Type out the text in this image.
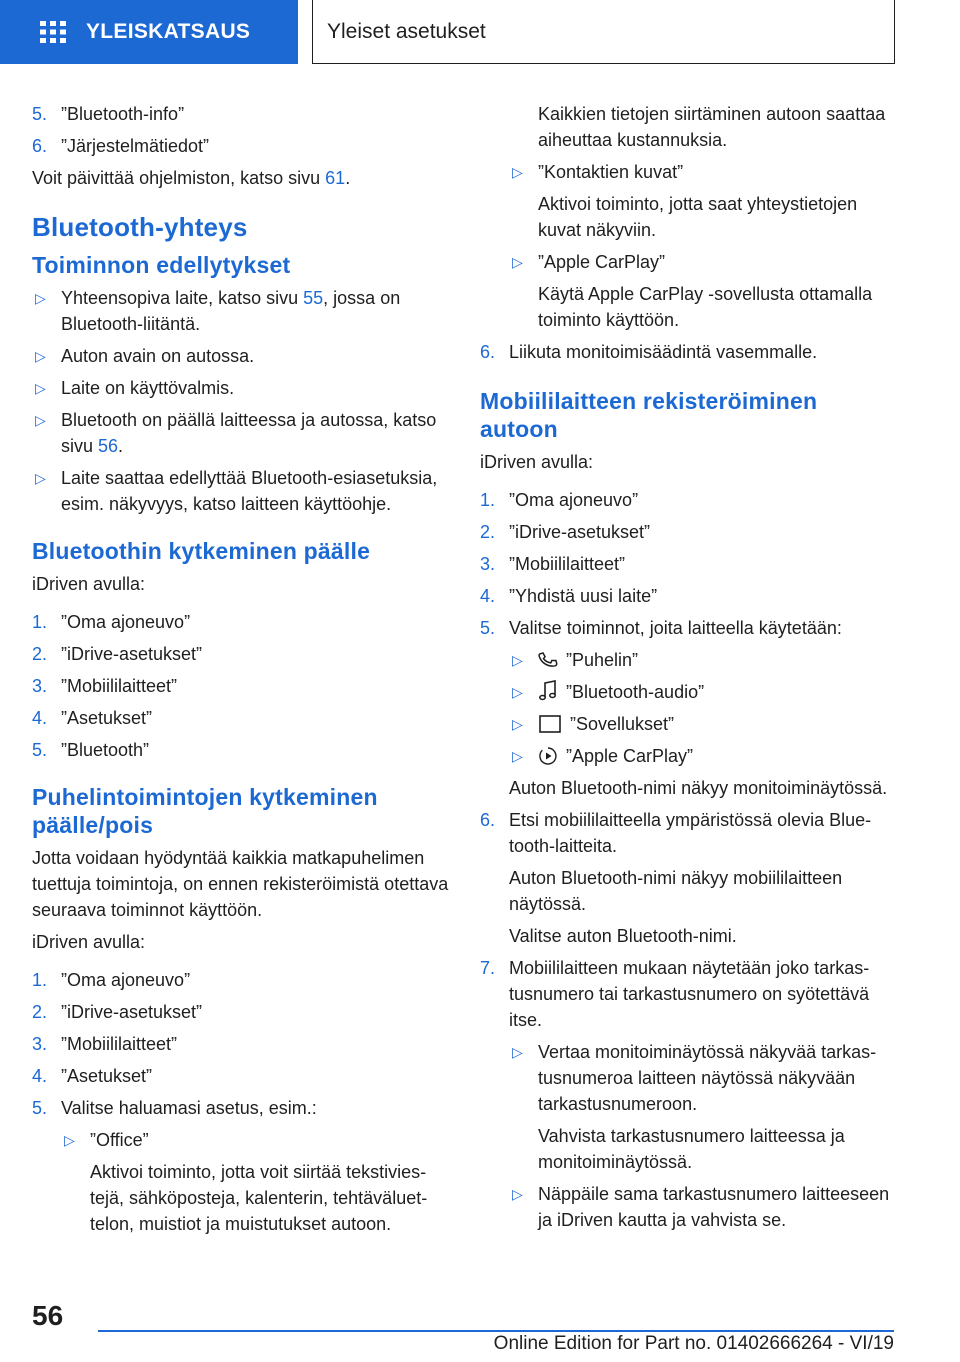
YLEISKATSAUS	Yleiset asetukset
5. ”Bluetooth-info”
6. ”Järjestelmätiedot”
Voit päivittää ohjelmiston, katso sivu 61.
Bluetooth-yhteys
Toiminnon edellytykset
▷ Yhteensopiva laite, katso sivu 55, jossa on Bluetooth-liitäntä.
▷ Auton avain on autossa.
▷ Laite on käyttövalmis.
▷ Bluetooth on päällä laitteessa ja autossa, katso sivu 56.
▷ Laite saattaa edellyttää Bluetooth-esiasetuksia, esim. näkyvyys, katso laitteen käyttöohje.
Bluetoothin kytkeminen päälle
iDriven avulla:
1. ”Oma ajoneuvo”
2. ”iDrive-asetukset”
3. ”Mobiililaitteet”
4. ”Asetukset”
5. ”Bluetooth”
Puhelintoimintojen kytkeminen päälle/pois
Jotta voidaan hyödyntää kaikkia matkapuhelimen tuettuja toimintoja, on ennen rekisteröimistä otettava seuraava toiminnot käyttöön.
iDriven avulla:
1. ”Oma ajoneuvo”
2. ”iDrive-asetukset”
3. ”Mobiililaitteet”
4. ”Asetukset”
5. Valitse haluamasi asetus, esim.:
▷ ”Office”
Aktivoi toiminto, jotta voit siirtää tekstiviestejä, sähköposteja, kalenterin, tehtäväluettelon, muistiot ja muistutukset autoon.
Kaikkien tietojen siirtäminen autoon saattaa aiheuttaa kustannuksia.
▷ ”Kontaktien kuvat”
Aktivoi toiminto, jotta saat yhteystietojen kuvat näkyviin.
▷ ”Apple CarPlay”
Käytä Apple CarPlay -sovellusta ottamalla toiminto käyttöön.
6. Liikuta monitoimisäädintä vasemmalle.
Mobiililaitteen rekisteröiminen autoon
iDriven avulla:
1. ”Oma ajoneuvo”
2. ”iDrive-asetukset”
3. ”Mobiililaitteet”
4. ”Yhdistä uusi laite”
5. Valitse toiminnot, joita laitteella käytetään:
▷ ”Puhelin”
▷ ”Bluetooth-audio”
▷	”Sovellukset”
▷ ”Apple CarPlay”
Auton Bluetooth-nimi näkyy monitoiminäytössä.
6. Etsi mobiililaitteella ympäristössä olevia Bluetooth-laitteita.
Auton Bluetooth-nimi näkyy mobiililaitteen näytössä.
Valitse auton Bluetooth-nimi.
7. Mobiililaitteen mukaan näytetään joko tarkastusnumero tai tarkastusnumero on syötettävä itse.
▷ Vertaa monitoiminäytössä näkyvää tarkastusnumeroa laitteen näytössä näkyvään tarkastusnumeroon.
Vahvista tarkastusnumero laitteessa ja monitoiminäytössä.
▷ Näppäile sama tarkastusnumero laitteeseen ja iDriven kautta ja vahvista se.
56
Online Edition for Part no. 01402666264 - VI/19
